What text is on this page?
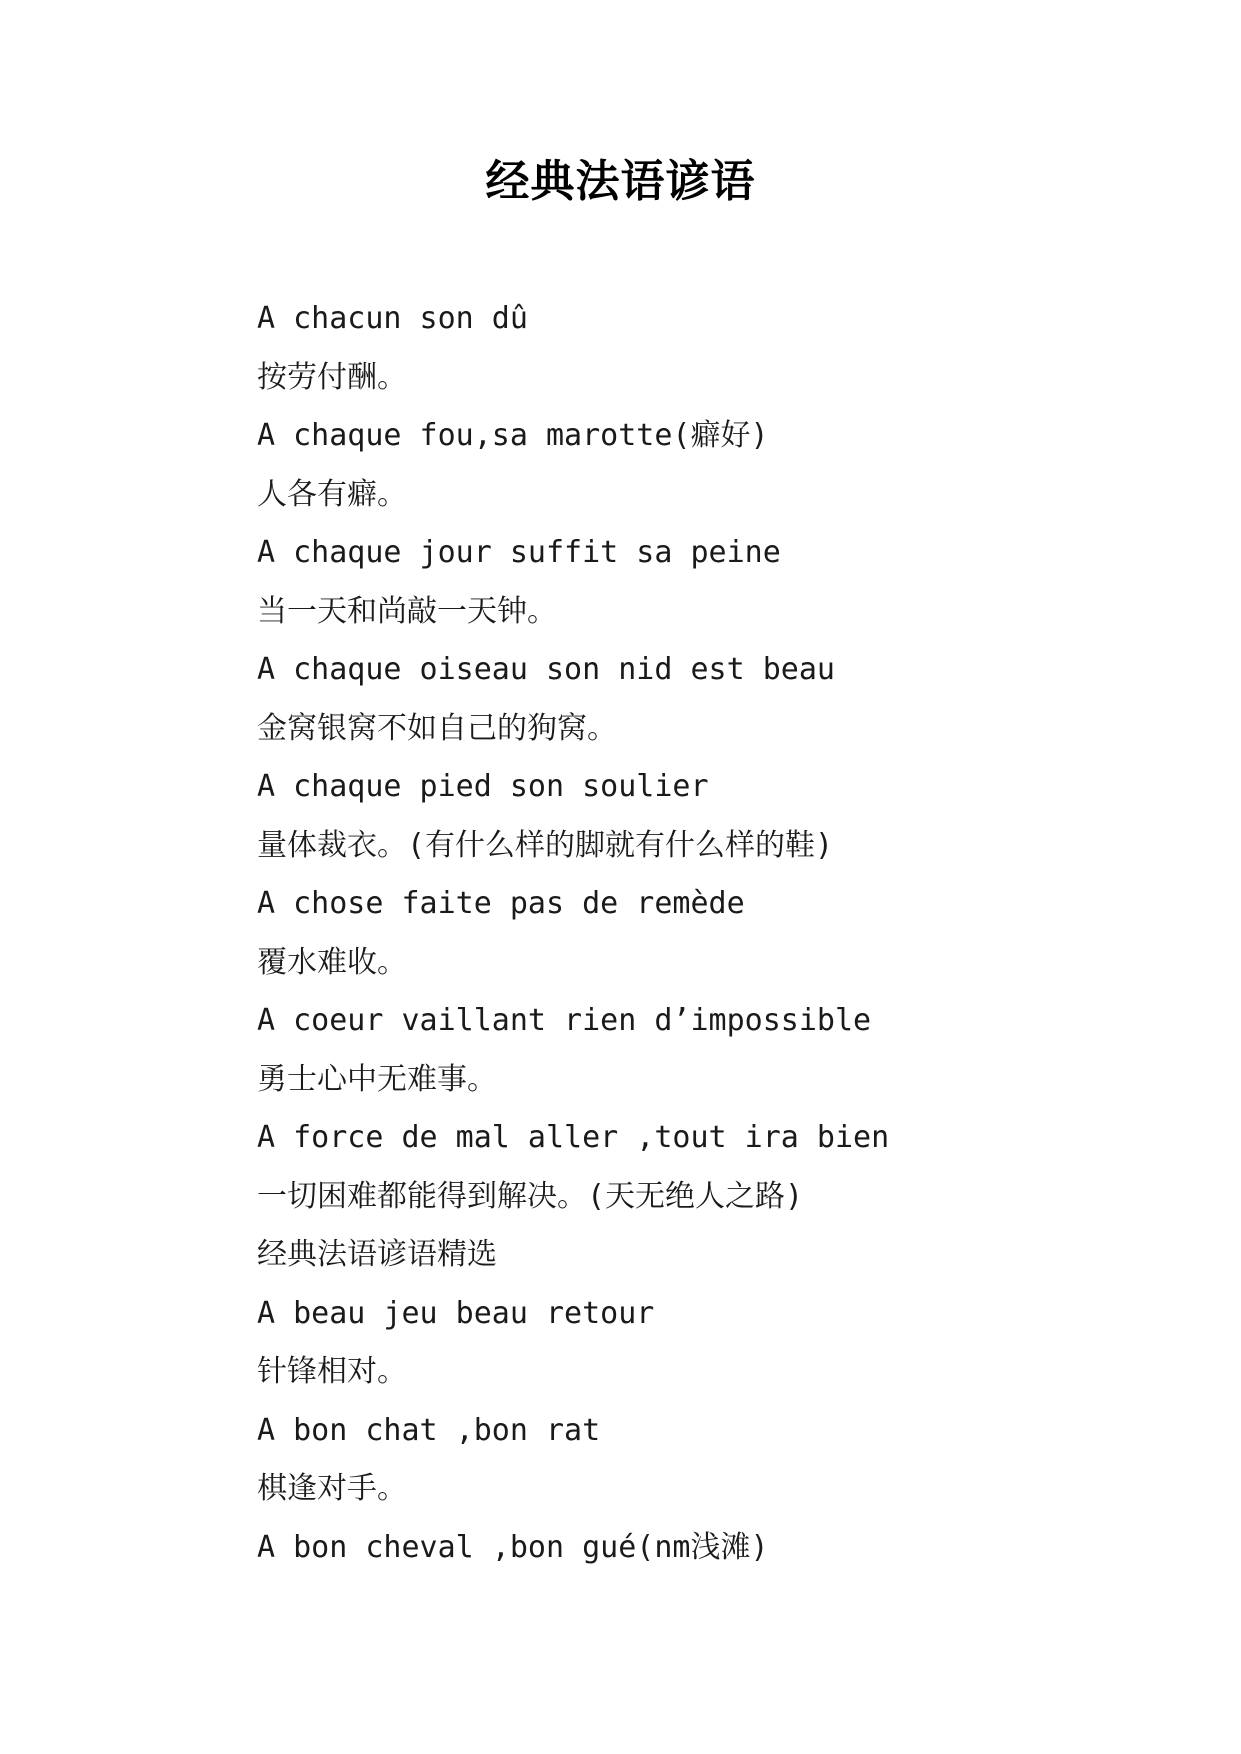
经典法语谚语
A chacun son dû
按劳付酬。
A chaque fou,sa marotte(癖好)
人各有癖。
A chaque jour suffit sa peine
当一天和尚敲一天钟。
A chaque oiseau son nid est beau
金窝银窝不如自己的狗窝。
A chaque pied son soulier
量体裁衣。(有什么样的脚就有什么样的鞋)
A chose faite pas de remède
覆水难收。
A coeur vaillant rien d’impossible
勇士心中无难事。
A force de mal aller ,tout ira bien
一切困难都能得到解决。(天无绝人之路)
经典法语谚语精选
A beau jeu beau retour
针锋相对。
A bon chat ,bon rat
棋逢对手。
A bon cheval ,bon gué(nm浅滩)
